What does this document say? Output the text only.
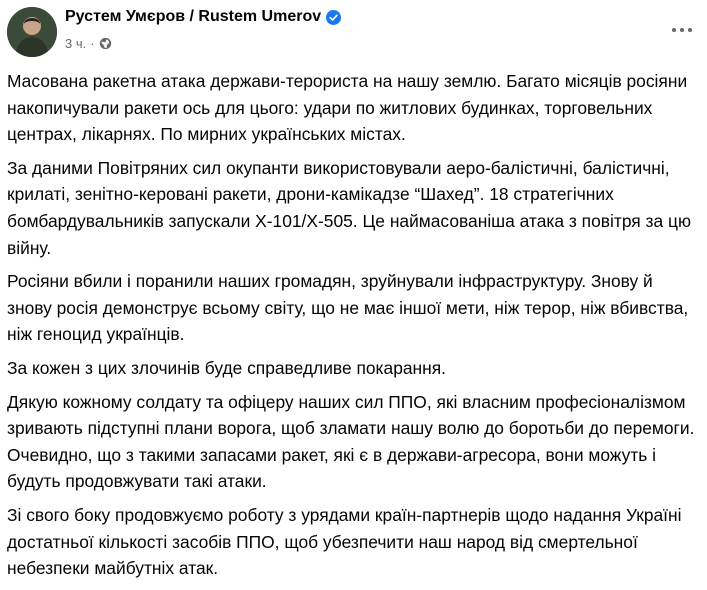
Рустем Умєров / Rustem Umerov
3 ч. ·

Масована ракетна атака держави-терориста на нашу землю. Багато місяців росіяни накопичували ракети ось для цього: удари по житлових будинках, торговельних центрах, лікарнях. По мирних українських містах.

За даними Повітряних сил окупанти використовували аеро-балістичні, балістичні, крилаті, зенітно-керовані ракети, дрони-камікадзе “Шахед”. 18 стратегічних бомбардувальників запускали Х-101/Х-505. Це наймасованіша атака з повітря за цю війну.

Росіяни вбили і поранили наших громадян, зруйнували інфраструктуру. Знову й знову росія демонструє всьому світу, що не має іншої мети, ніж терор, ніж вбивства, ніж геноцид українців.

За кожен з цих злочинів буде справедливе покарання.

Дякую кожному солдату та офіцеру наших сил ППО, які власним професіоналізмом зривають підступні плани ворога, щоб зламати нашу волю до боротьби до перемоги.

Очевидно, що з такими запасами ракет, які є в держави-агресора, вони можуть і будуть продовжувати такі атаки.

Зі свого боку продовжуємо роботу з урядами країн-партнерів щодо надання Україні достатньої кількості засобів ППО, щоб убезпечити наш народ від смертельної небезпеки майбутніх атак.
